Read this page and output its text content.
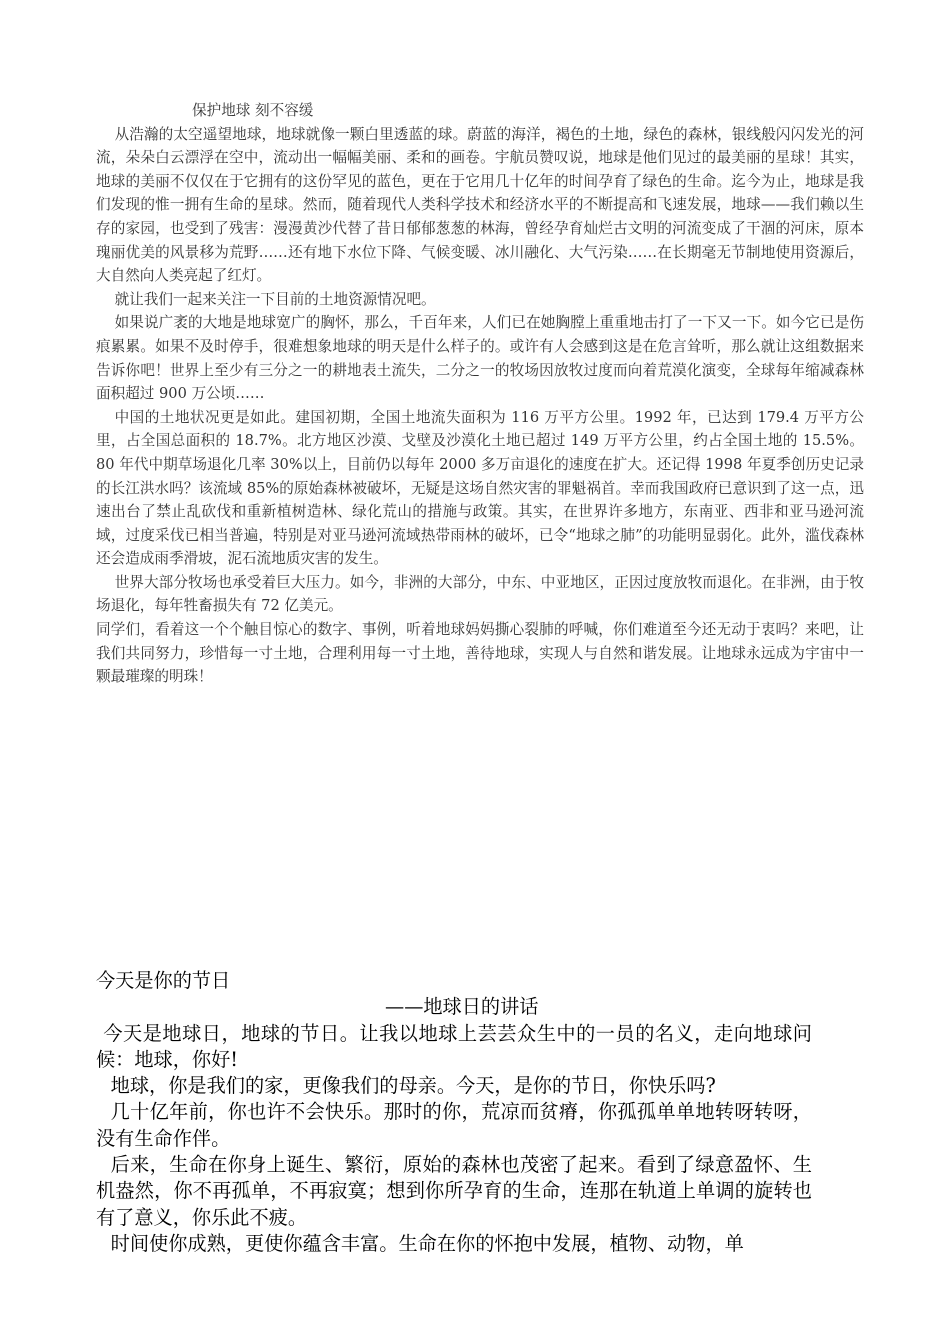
保护地球 刻不容缓

从浩瀚的太空遥望地球，地球就像一颗白里透蓝的球。蔚蓝的海洋，褐色的土地，绿色的森林，银线般闪闪发光的河流，朵朵白云漂浮在空中，流动出一幅幅美丽、柔和的画卷。宇航员赞叹说，地球是他们见过的最美丽的星球！其实，地球的美丽不仅仅在于它拥有的这份罕见的蓝色，更在于它用几十亿年的时间孕育了绿色的生命。迄今为止，地球是我们发现的惟一拥有生命的星球。然而，随着现代人类科学技术和经济水平的不断提高和飞速发展，地球——我们赖以生存的家园，也受到了残害：漫漫黄沙代替了昔日郁郁葱葱的林海，曾经孕育灿烂古文明的河流变成了干涸的河床，原本瑰丽优美的风景移为荒野……还有地下水位下降、气候变暖、冰川融化、大气污染……在长期毫无节制地使用资源后，大自然向人类亮起了红灯。

就让我们一起来关注一下目前的土地资源情况吧。

如果说广袤的大地是地球宽广的胸怀，那么，千百年来，人们已在她胸膛上重重地击打了一下又一下。如今它已是伤痕累累。如果不及时停手，很难想象地球的明天是什么样子的。或许有人会感到这是在危言耸听，那么就让这组数据来告诉你吧！世界上至少有三分之一的耕地表土流失，二分之一的牧场因放牧过度而向着荒漠化演变，全球每年缩减森林面积超过 900 万公顷……

中国的土地状况更是如此。建国初期，全国土地流失面积为 116 万平方公里。1992 年，已达到 179.4 万平方公里，占全国总面积的 18.7%。北方地区沙漠、戈壁及沙漠化土地已超过 149 万平方公里，约占全国土地的 15.5%。80 年代中期草场退化几率 30%以上，目前仍以每年 2000 多万亩退化的速度在扩大。还记得 1998 年夏季创历史记录的长江洪水吗？该流域 85%的原始森林被破坏，无疑是这场自然灾害的罪魁祸首。幸而我国政府已意识到了这一点，迅速出台了禁止乱砍伐和重新植树造林、绿化荒山的措施与政策。其实，在世界许多地方，东南亚、西非和亚马逊河流域，过度采伐已相当普遍，特别是对亚马逊河流域热带雨林的破坏，已令“地球之肺”的功能明显弱化。此外，滥伐森林还会造成雨季滑坡，泥石流地质灾害的发生。

世界大部分牧场也承受着巨大压力。如今，非洲的大部分，中东、中亚地区，正因过度放牧而退化。在非洲，由于牧场退化，每年牲畜损失有 72 亿美元。

同学们，看着这一个个触目惊心的数字、事例，听着地球妈妈撕心裂肺的呼喊，你们难道至今还无动于衷吗？来吧，让我们共同努力，珍惜每一寸土地，合理利用每一寸土地，善待地球，实现人与自然和谐发展。让地球永远成为宇宙中一颗最璀璨的明珠！

今天是你的节日
——地球日的讲话

今天是地球日，地球的节日。让我以地球上芸芸众生中的一员的名义，走向地球问候：地球，你好!

地球，你是我们的家，更像我们的母亲。今天，是你的节日，你快乐吗?

几十亿年前，你也许不会快乐。那时的你，荒凉而贫瘠，你孤孤单单地转呀转呀，没有生命作伴。

后来，生命在你身上诞生、繁衍，原始的森林也茂密了起来。看到了绿意盈怀、生机盎然，你不再孤单，不再寂寞；想到你所孕育的生命，连那在轨道上单调的旋转也有了意义，你乐此不疲。

时间使你成熟，更使你蕴含丰富。生命在你的怀抱中发展，植物、动物，单
